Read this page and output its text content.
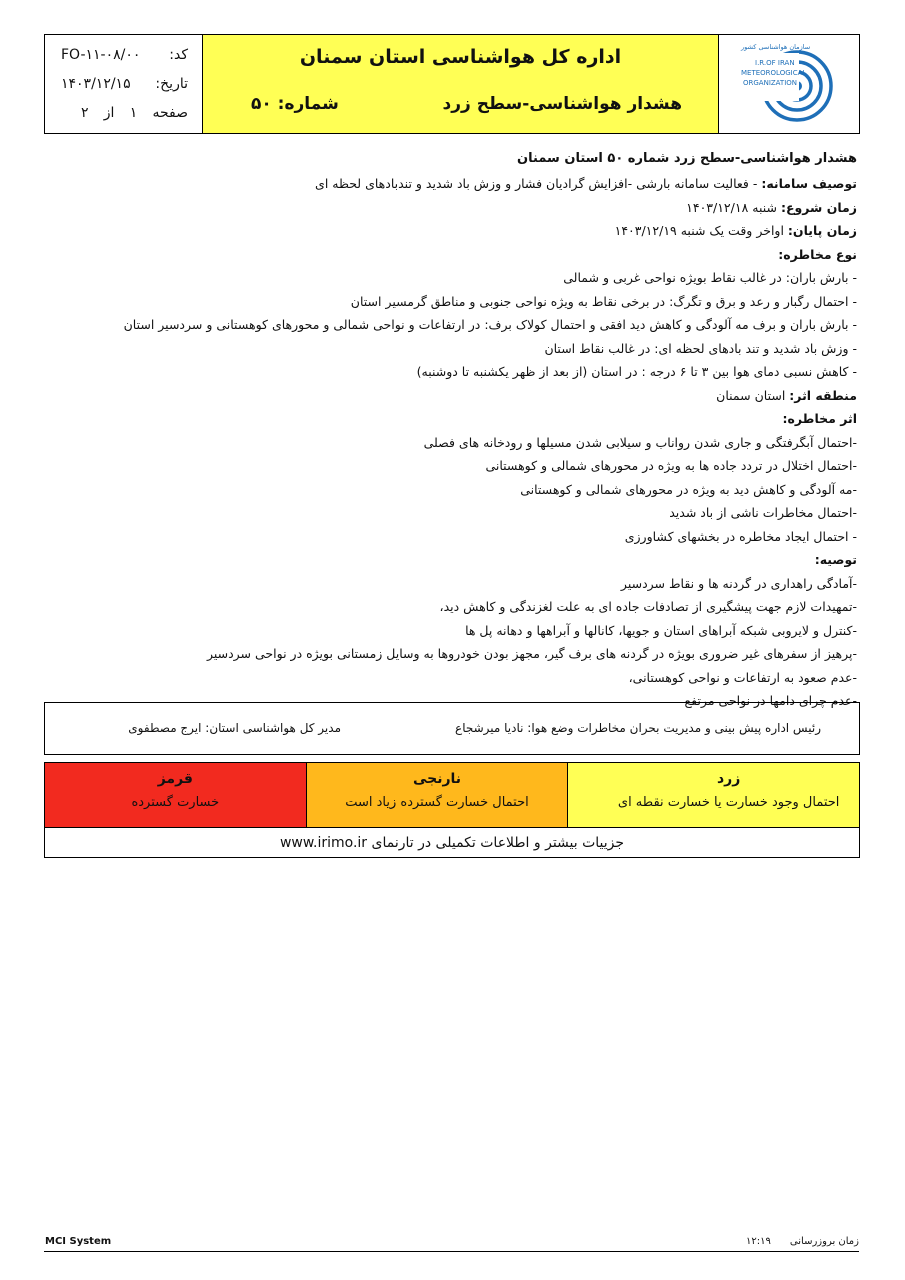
FO-۱۱-۰۸/۰۰ کد:
۱۴۰۳/۱۲/۱۵ تاریخ:
۲ از ۱ صفحه
اداره کل هواشناسی استان سمنان
هشدار هواشناسی-سطح زرد
شماره: ۵۰
سازمان هواشناسی کشور
I.R.OF IRAN
METEOROLOGICAL
ORGANIZATION
هشدار هواشناسی-سطح زرد شماره ۵۰ استان سمنان
توصیف سامانه: - فعالیت سامانه بارشی -افزایش گرادیان فشار و وزش باد شدید و تندبادهای لحظه ای
زمان شروع: شنبه ۱۴۰۳/۱۲/۱۸
زمان پایان: اواخر وقت یک شنبه ۱۴۰۳/۱۲/۱۹
نوع مخاطره:
- بارش باران: در غالب نقاط بویژه نواحی غربی و شمالی
- احتمال رگبار و رعد و برق و تگرگ: در برخی نقاط به ویژه نواحی جنوبی و مناطق گرمسیر استان
- بارش باران و برف مه آلودگی و کاهش دید افقی و احتمال کولاک برف: در ارتفاعات و نواحی شمالی و محورهای کوهستانی و سردسیر استان
- وزش باد شدید و تند بادهای لحظه ای: در غالب نقاط استان
- کاهش نسبی دمای هوا بین ۳ تا ۶ درجه : در استان (از بعد از ظهر یکشنبه تا دوشنبه)
منطقه اثر: استان سمنان
اثر مخاطره:
-احتمال آبگرفتگی و جاری شدن رواناب و سیلابی شدن مسیلها و رودخانه های فصلی
-احتمال اختلال در تردد جاده ها به ویژه در محورهای شمالی و کوهستانی
-مه آلودگی و کاهش دید به ویژه در محورهای شمالی و کوهستانی
-احتمال مخاطرات ناشی از باد شدید
- احتمال ایجاد مخاطره در بخشهای کشاورزی
توصیه:
-آمادگی راهداری در گردنه ها و نقاط سردسیر
-تمهیدات لازم جهت پیشگیری از تصادفات جاده ای به علت لغزندگی و کاهش دید،
-کنترل و لایروبی شبکه آبراهای استان و جویها، کانالها و آبراهها و دهانه پل ها
-پرهیز از سفرهای غیر ضروری بویژه در گردنه های برف گیر، مجهز بودن خودروها به وسایل زمستانی بویژه در نواحی سردسیر
-عدم صعود به ارتفاعات و نواحی کوهستانی،
-عدم چرای دامها در نواحی مرتفع
رئیس اداره پیش بینی و مدیریت بحران مخاطرات وضع هوا: نادیا میرشجاع
مدیر کل هواشناسی استان: ایرج مصطفوی
زرد
احتمال وجود خسارت یا خسارت نقطه ای
نارنجی
احتمال خسارت گسترده زیاد است
قرمز
خسارت گسترده
جزییات بیشتر و اطلاعات تکمیلی در تارنمای www.irimo.ir
MCI System	زمان بروزرسانی      ۱۲:۱۹
